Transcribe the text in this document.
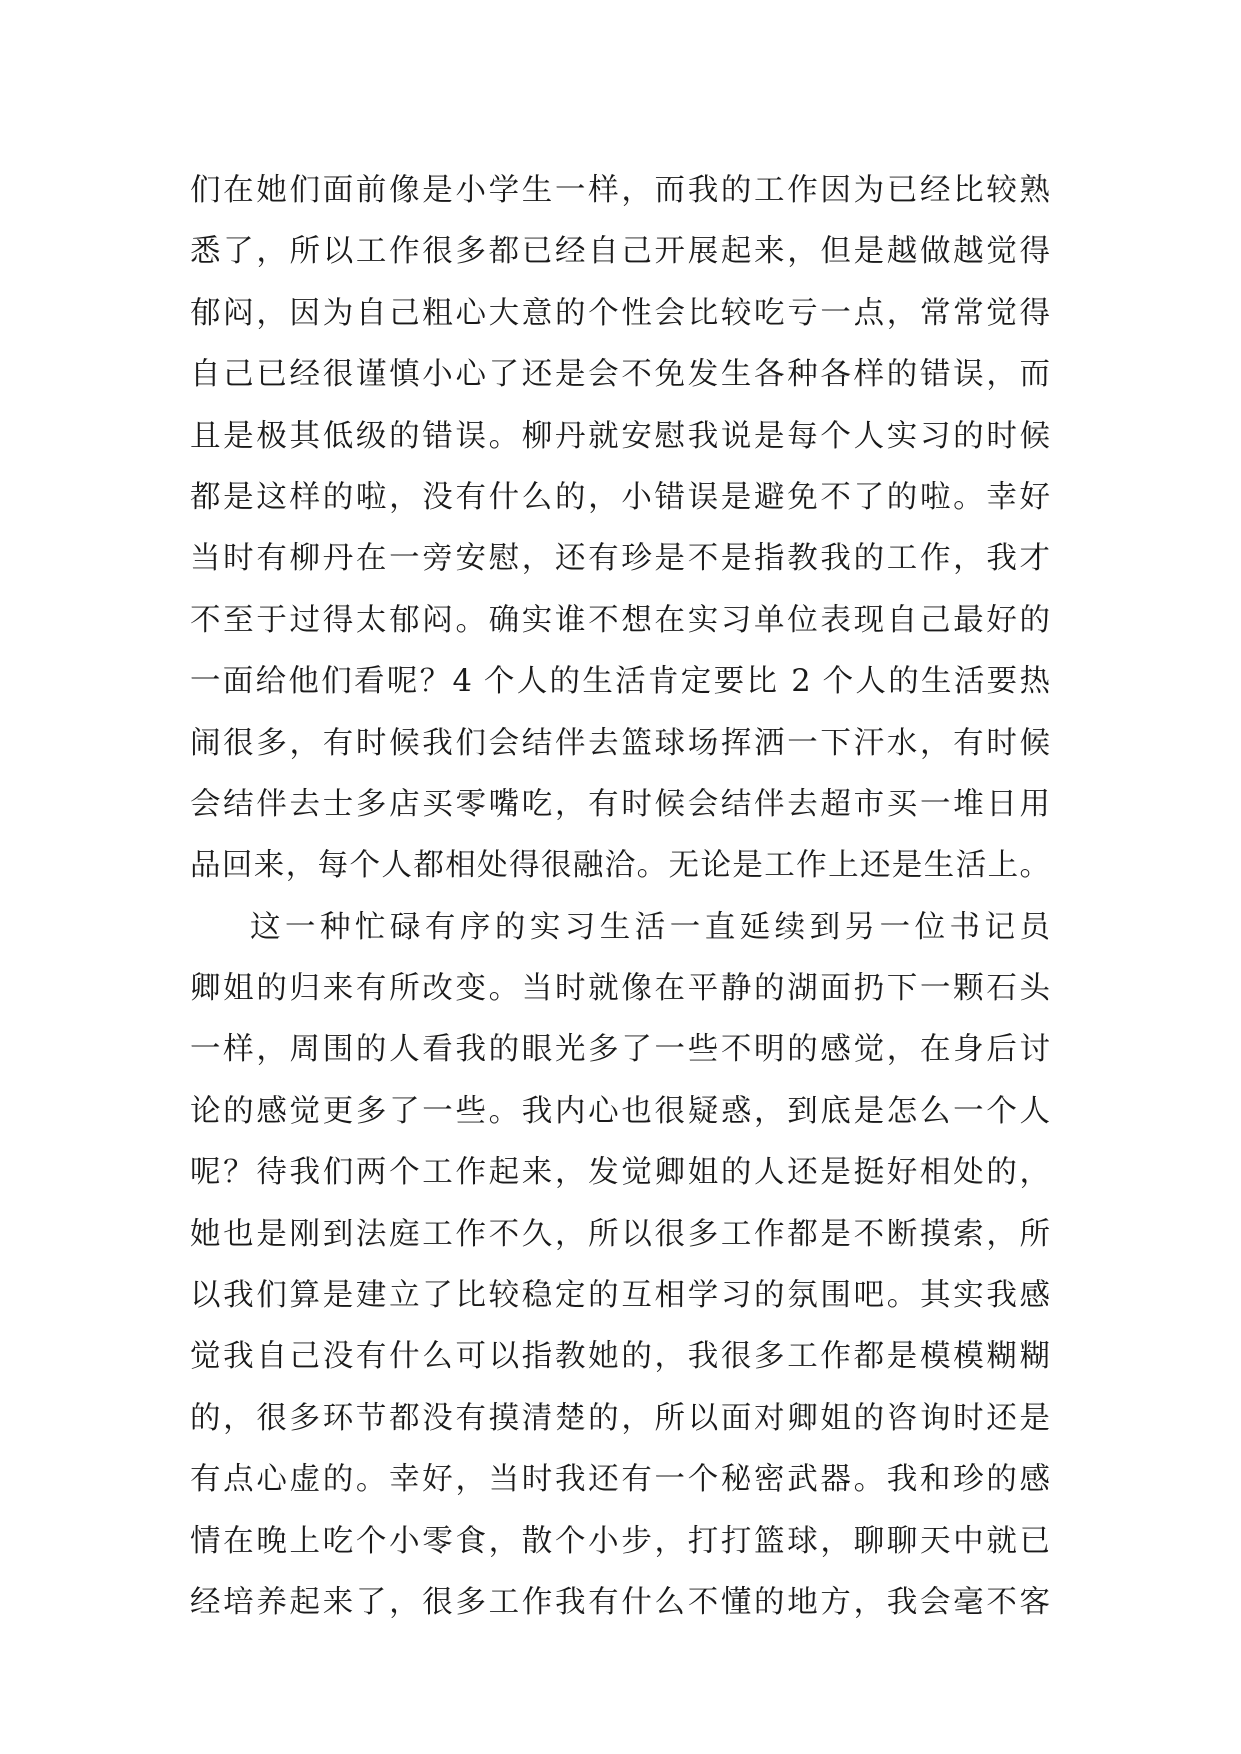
们在她们面前像是小学生一样，而我的工作因为已经比较熟
悉了，所以工作很多都已经自己开展起来，但是越做越觉得
郁闷，因为自己粗心大意的个性会比较吃亏一点，常常觉得
自己已经很谨慎小心了还是会不免发生各种各样的错误，而
且是极其低级的错误。柳丹就安慰我说是每个人实习的时候
都是这样的啦，没有什么的，小错误是避免不了的啦。幸好
当时有柳丹在一旁安慰，还有珍是不是指教我的工作，我才
不至于过得太郁闷。确实谁不想在实习单位表现自己最好的
一面给他们看呢？4 个人的生活肯定要比 2 个人的生活要热
闹很多，有时候我们会结伴去篮球场挥洒一下汗水，有时候
会结伴去士多店买零嘴吃，有时候会结伴去超市买一堆日用
品回来，每个人都相处得很融洽。无论是工作上还是生活上。
这一种忙碌有序的实习生活一直延续到另一位书记员
卿姐的归来有所改变。当时就像在平静的湖面扔下一颗石头
一样，周围的人看我的眼光多了一些不明的感觉，在身后讨
论的感觉更多了一些。我内心也很疑惑，到底是怎么一个人
呢？待我们两个工作起来，发觉卿姐的人还是挺好相处的，
她也是刚到法庭工作不久，所以很多工作都是不断摸索，所
以我们算是建立了比较稳定的互相学习的氛围吧。其实我感
觉我自己没有什么可以指教她的，我很多工作都是模模糊糊
的，很多环节都没有摸清楚的，所以面对卿姐的咨询时还是
有点心虚的。幸好，当时我还有一个秘密武器。我和珍的感
情在晚上吃个小零食，散个小步，打打篮球，聊聊天中就已
经培养起来了，很多工作我有什么不懂的地方，我会毫不客
